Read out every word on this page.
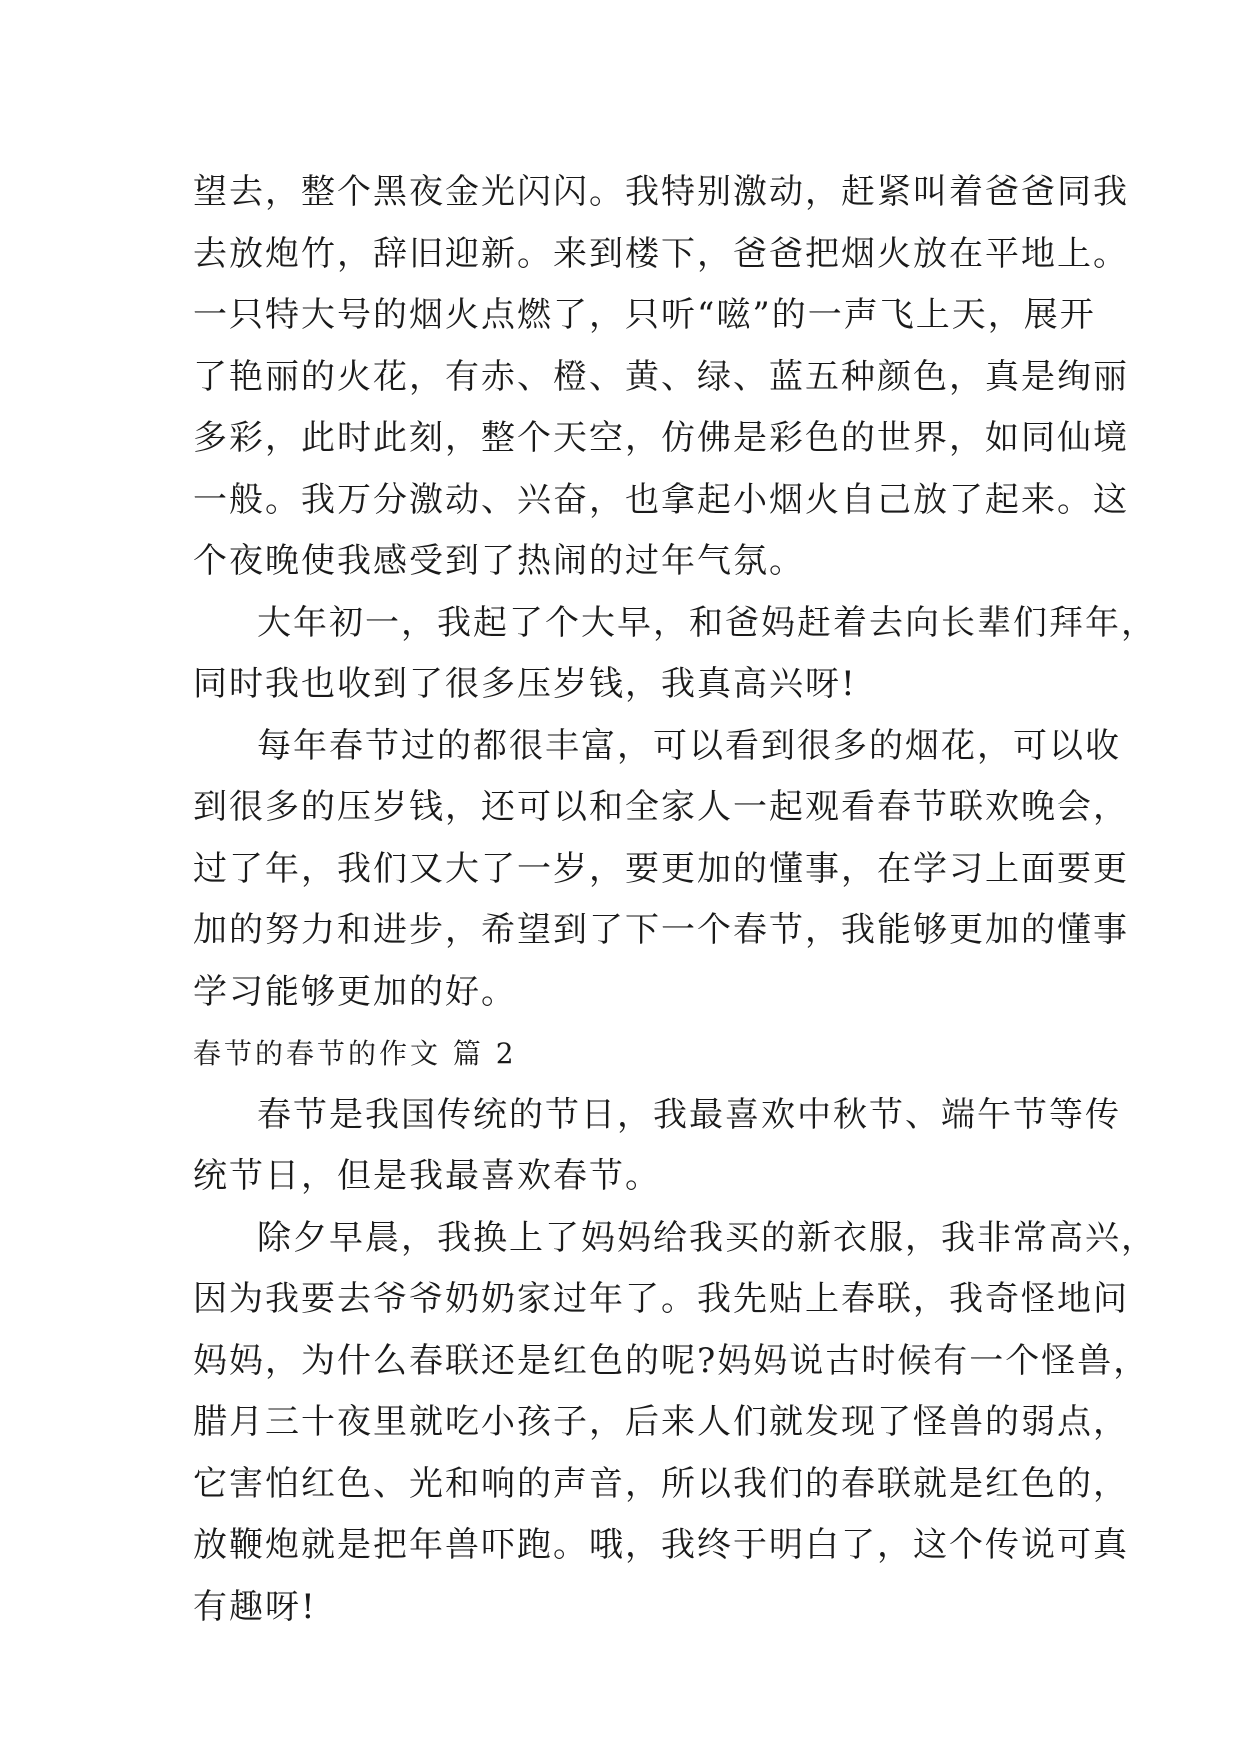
望去，整个黑夜金光闪闪。我特别激动，赶紧叫着爸爸同我
去放炮竹，辞旧迎新。来到楼下，爸爸把烟火放在平地上。
一只特大号的烟火点燃了，只听“嗞”的一声飞上天，展开
了艳丽的火花，有赤、橙、黄、绿、蓝五种颜色，真是绚丽
多彩，此时此刻，整个天空，仿佛是彩色的世界，如同仙境
一般。我万分激动、兴奋，也拿起小烟火自己放了起来。这
个夜晚使我感受到了热闹的过年气氛。
大年初一，我起了个大早，和爸妈赶着去向长辈们拜年，
同时我也收到了很多压岁钱，我真高兴呀!
每年春节过的都很丰富，可以看到很多的烟花，可以收
到很多的压岁钱，还可以和全家人一起观看春节联欢晚会，
过了年，我们又大了一岁，要更加的懂事，在学习上面要更
加的努力和进步，希望到了下一个春节，我能够更加的懂事
学习能够更加的好。
春节的春节的作文 篇 2
春节是我国传统的节日，我最喜欢中秋节、端午节等传
统节日，但是我最喜欢春节。
除夕早晨，我换上了妈妈给我买的新衣服，我非常高兴，
因为我要去爷爷奶奶家过年了。我先贴上春联，我奇怪地问
妈妈，为什么春联还是红色的呢?妈妈说古时候有一个怪兽，
腊月三十夜里就吃小孩子，后来人们就发现了怪兽的弱点，
它害怕红色、光和响的声音，所以我们的春联就是红色的，
放鞭炮就是把年兽吓跑。哦，我终于明白了，这个传说可真
有趣呀!
